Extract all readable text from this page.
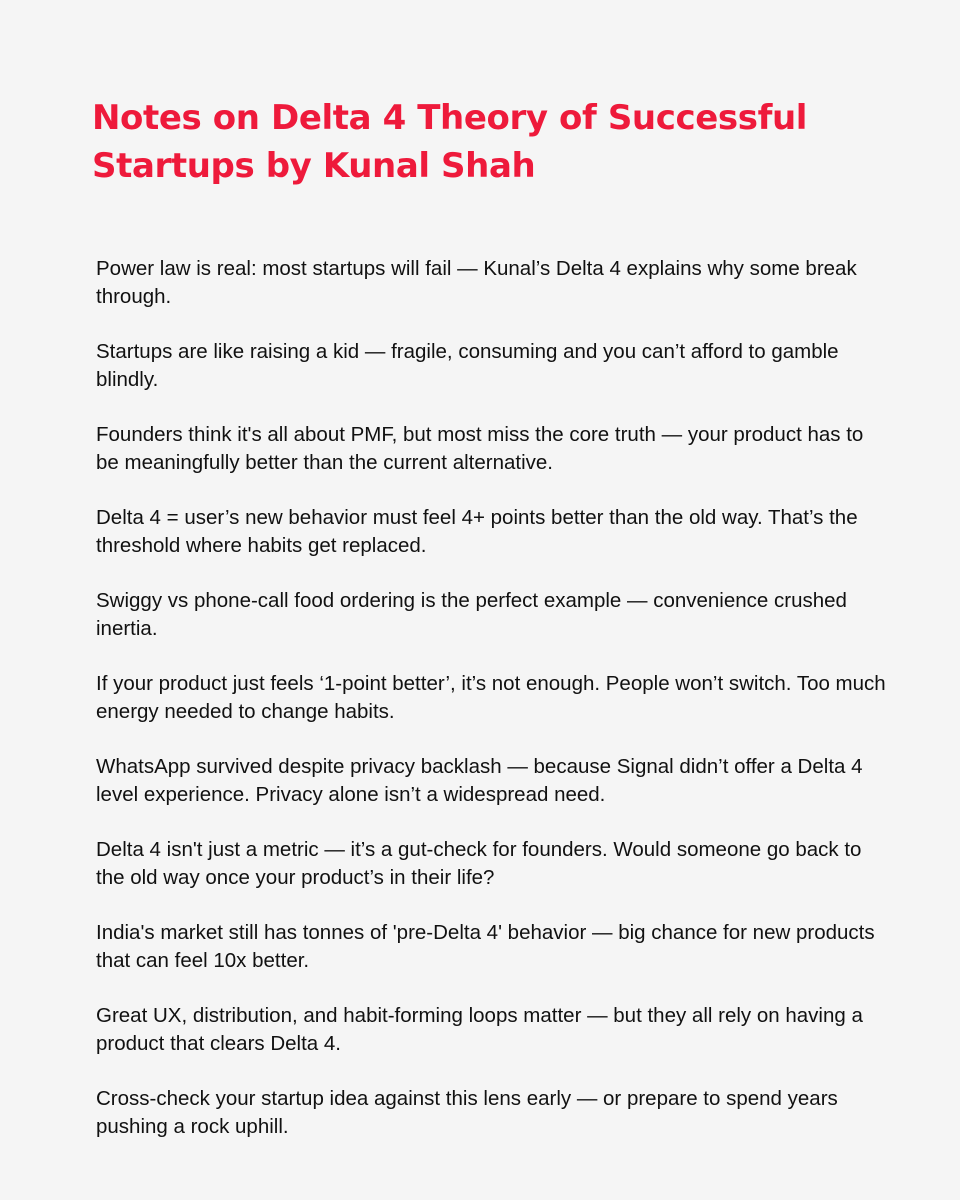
Notes on Delta 4 Theory of Successful Startups by Kunal Shah
Power law is real: most startups will fail — Kunal’s Delta 4 explains why some break through.
Startups are like raising a kid — fragile, consuming and you can’t afford to gamble blindly.
Founders think it's all about PMF, but most miss the core truth — your product has to be meaningfully better than the current alternative.
Delta 4 = user’s new behavior must feel 4+ points better than the old way. That’s the threshold where habits get replaced.
Swiggy vs phone-call food ordering is the perfect example — convenience crushed inertia.
If your product just feels ‘1-point better’, it’s not enough. People won’t switch. Too much energy needed to change habits.
WhatsApp survived despite privacy backlash — because Signal didn’t offer a Delta 4 level experience. Privacy alone isn’t a widespread need.
Delta 4 isn't just a metric — it’s a gut-check for founders. Would someone go back to the old way once your product’s in their life?
India's market still has tonnes of 'pre-Delta 4' behavior — big chance for new products that can feel 10x better.
Great UX, distribution, and habit-forming loops matter — but they all rely on having a product that clears Delta 4.
Cross-check your startup idea against this lens early — or prepare to spend years pushing a rock uphill.
